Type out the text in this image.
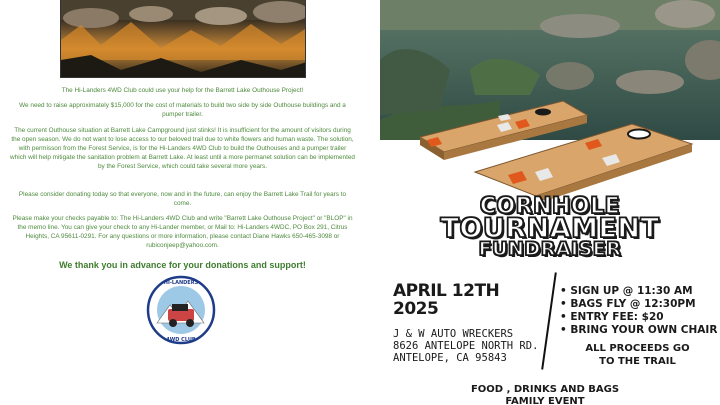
The Hi-Landers 4WD Club could use your help for the Barrett Lake Outhouse Project!
We need to raise approximately $15,000 for the cost of materials to build two side by side Outhouse buildings and a pumper trailer.
The current Outhouse situation at Barrett Lake Campground just stinks! It is insufficient for the amount of visitors during the open season. We do not want to lose access to our beloved trail due to white flowers and human waste. The solution, with permisson from the Forest Service, is for the Hi-Landers 4WD Club to build the Outhouses and a pumper trailer which will help mitigate the sanitation problem at Barrett Lake. At least until a more permanet solution can be implemented by the Forest Service, which could take several more years.
Please consider donating today so that everyone, now and in the future, can enjoy the Barrett Lake Trail for years to come.
Please make your checks payable to: The Hi-Landers 4WD Club and write "Barrett Lake Outhouse Project" or "BLOP" in the memo line. You can give your check to any Hi-Lander member, or Mail to: Hi-Landers 4WDC, PO Box 291, Citrus Heights, CA 95611-0291. For any questions or more information, please contact Diane Hawks 650-465-3098 or rubiconjeep@yahoo.com.
We thank you in advance for your donations and support!
HI-LANDERS
4WD CLUB
CORNHOLE
TOURNAMENT
FUNDRAISER
APRIL 12TH
2025
J & W AUTO WRECKERS
8626 ANTELOPE NORTH RD.
ANTELOPE, CA 95843
• SIGN UP @ 11:30 AM
• BAGS FLY @ 12:30PM
• ENTRY FEE: $20
• BRING YOUR OWN CHAIR
ALL PROCEEDS GO
TO THE TRAIL
FOOD , DRINKS AND BAGS
FAMILY EVENT
